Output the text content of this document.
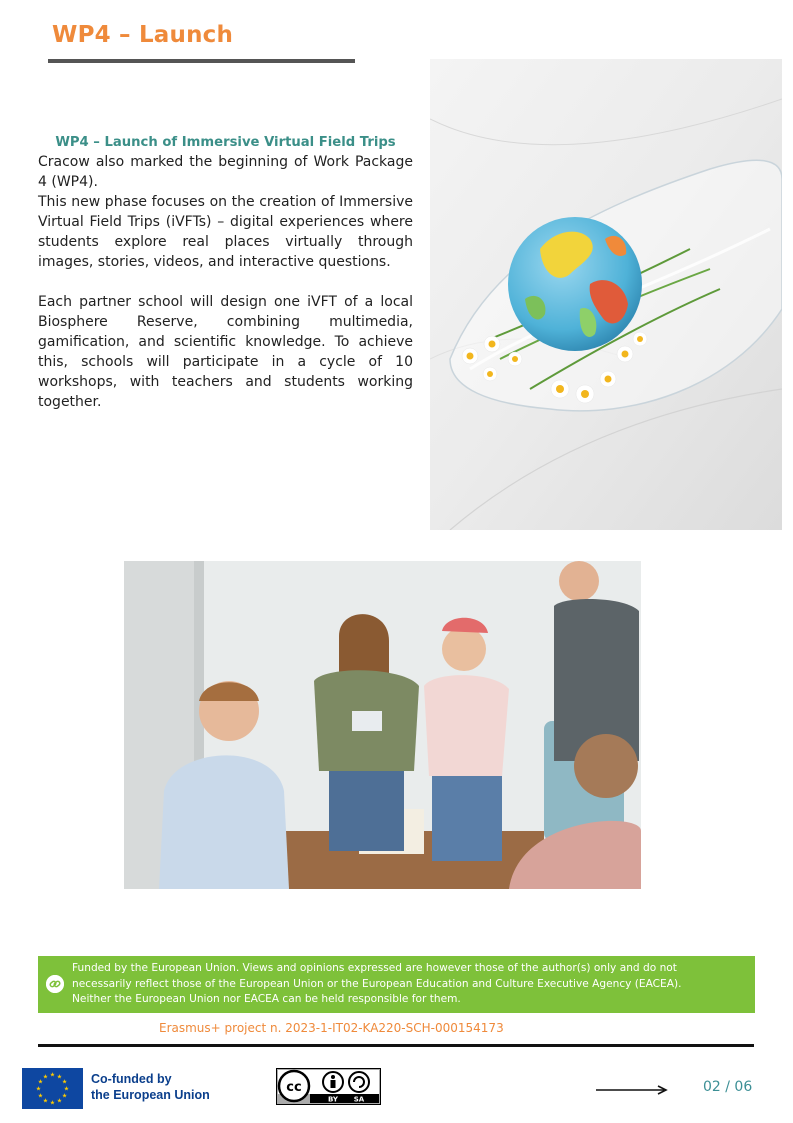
WP4 – Launch
WP4 – Launch of Immersive Virtual Field Trips

Cracow also marked the beginning of Work Package 4 (WP4).

This new phase focuses on the creation of Immersive Virtual Field Trips (iVFTs) – digital experiences where students explore real places virtually through images, stories, videos, and interactive questions.

Each partner school will design one iVFT of a local Biosphere Reserve, combining multimedia, gamification, and scientific knowledge. To achieve this, schools will participate in a cycle of 10 workshops, with teachers and students working together.

Funded by the European Union. Views and opinions expressed are however those of the author(s) only and do not
necessarily reflect those of the European Union or the European Education and Culture Executive Agency (EACEA).
Neither the European Union nor EACEA can be held responsible for them.
Erasmus+ project n. 2023-1-IT02-KA220-SCH-000154173
★ ★
★
★
★
★
★
★
★
★
★
★	Co-funded by
the European Union	cc
BY SA
02 / 06
